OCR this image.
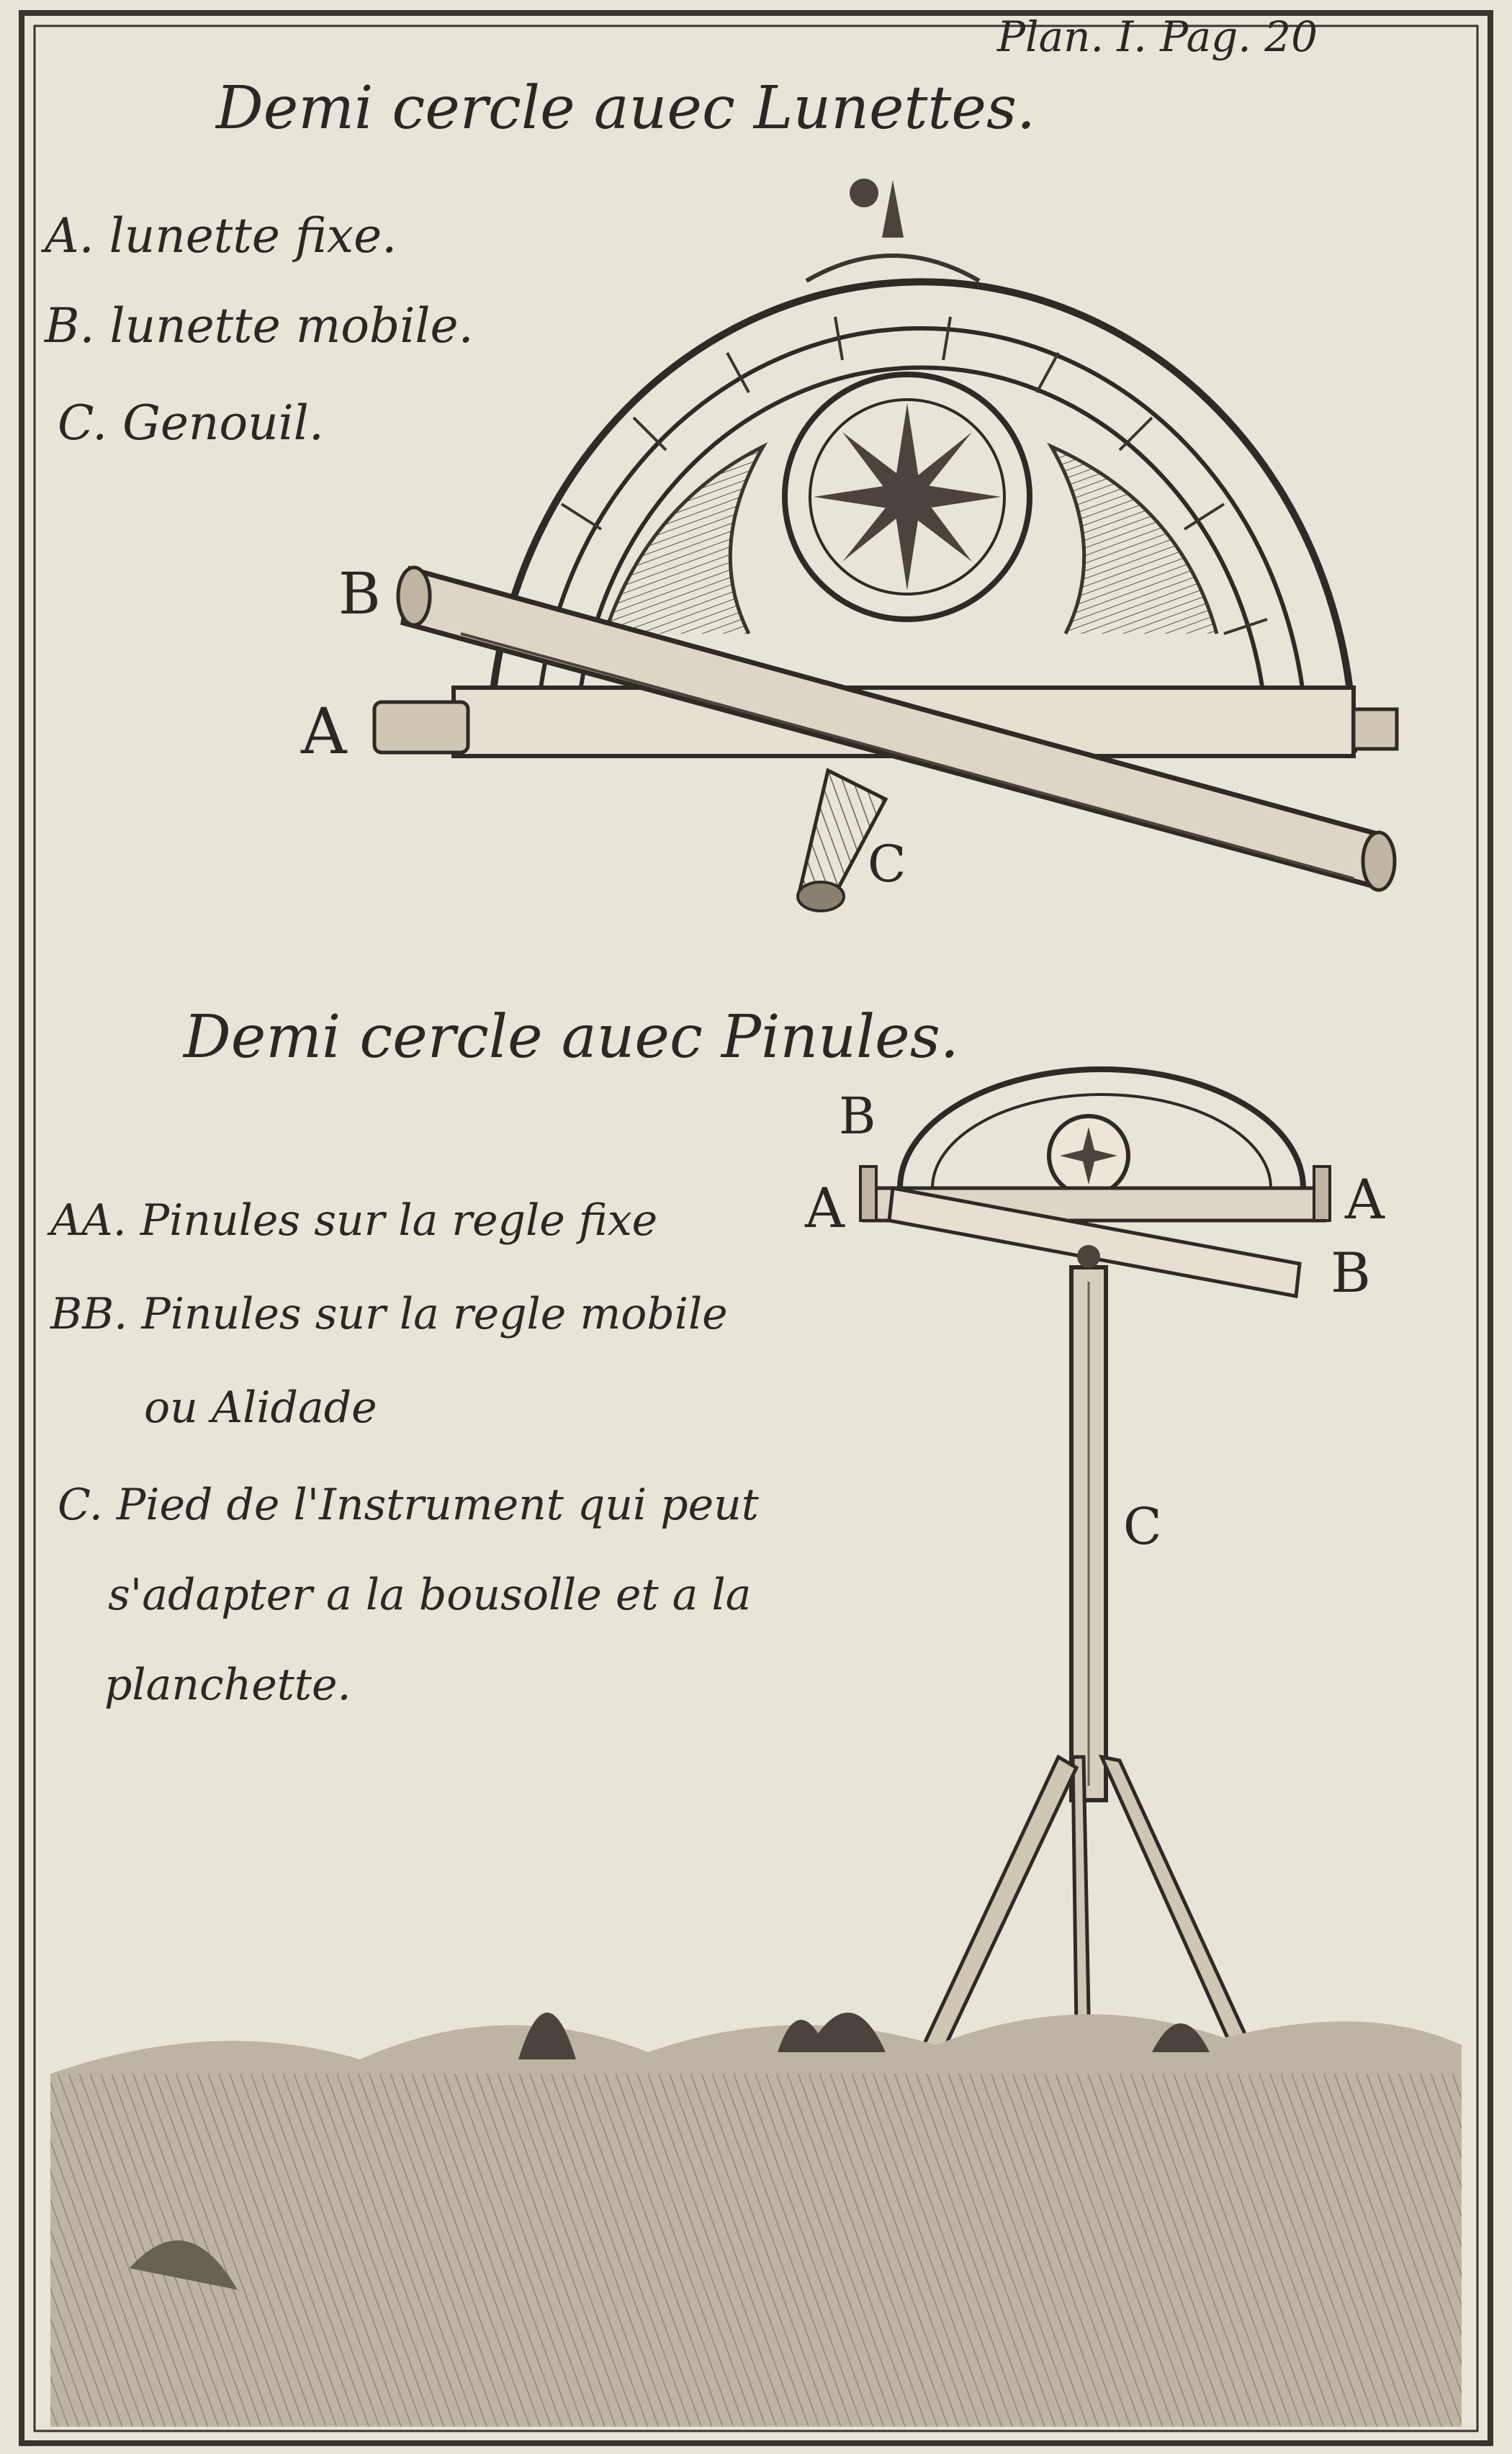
Plan. I. Pag. 20
Demi cercle auec Lunettes.
A. lunette fixe.
B. lunette mobile.
C. Genouil.
B
A
C
Demi cercle auec Pinules.
B
A	A
B
C
AA. Pinules sur la regle fixe
BB. Pinules sur la regle mobile
ou Alidade
C. Pied de l'Instrument qui peut
s'adapter a la bousolle et a la
planchette.
